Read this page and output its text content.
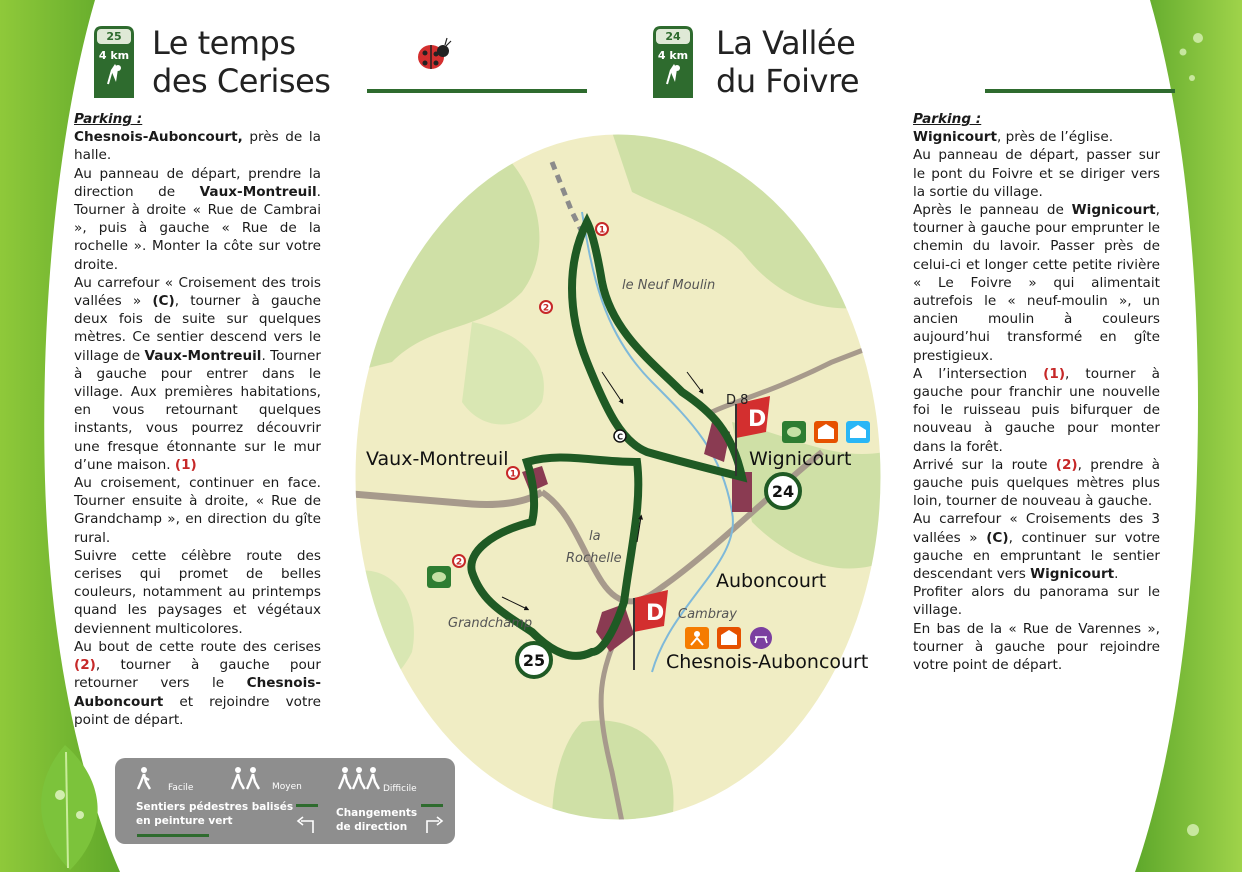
25
4 km Le temps
des Cerises
24
4 km La Vallée
du Foivre

Parking :

Chesnois-Auboncourt, près de la halle.

Au panneau de départ, prendre la direction de Vaux-Montreuil. Tourner à droite « Rue de Cambrai », puis à gauche « Rue de la rochelle ». Monter la côte sur votre droite.

Au carrefour « Croisement des trois vallées » (C), tourner à gauche deux fois de suite sur quelques mètres. Ce sentier descend vers le village de Vaux-Montreuil. Tourner à gauche pour entrer dans le village. Aux premières habitations, en vous retournant quelques instants, vous pourrez découvrir une fresque étonnante sur le mur d’une maison. (1)

Au croisement, continuer en face. Tourner ensuite à droite, « Rue de Grandchamp », en direction du gîte rural.

Suivre cette célèbre route des cerises qui promet de belles couleurs, notamment au printemps quand les paysages et végétaux deviennent multicolores.

Au bout de cette route des cerises (2), tourner à gauche pour retourner vers le Chesnois-Auboncourt et rejoindre votre point de départ.

Parking :

Wignicourt, près de l’église.

Au panneau de départ, passer sur le pont du Foivre et se diriger vers la sortie du village.

Après le panneau de Wignicourt, tourner à gauche pour emprunter le chemin du lavoir. Passer près de celui-ci et longer cette petite rivière « Le Foivre » qui alimentait autrefois le « neuf-moulin », un ancien moulin à couleurs aujourd’hui transformé en gîte prestigieux.

A l’intersection (1), tourner à gauche pour franchir une nouvelle foi le ruisseau puis bifurquer de nouveau à gauche pour monter dans la forêt.

Arrivé sur la route (2), prendre à gauche puis quelques mètres plus loin, tourner de nouveau à gauche.

Au carrefour « Croisements des 3 vallées » (C), continuer sur votre gauche en empruntant le sentier descendant vers Wignicourt.

Profiter alors du panorama sur le village.

En bas de la « Rue de Varennes », tourner à gauche pour rejoindre votre point de départ.

D
D
24
25
1
2
1
2
C
le Neuf Moulin
la
Rochelle
Grandchamp
Cambray
D 8
Vaux-Montreuil	Wignicourt
Auboncourt
Chesnois-Auboncourt
Facile	Moyen	Difficile
Sentiers pédestres balisés
en peinture vert
Changements
de direction
